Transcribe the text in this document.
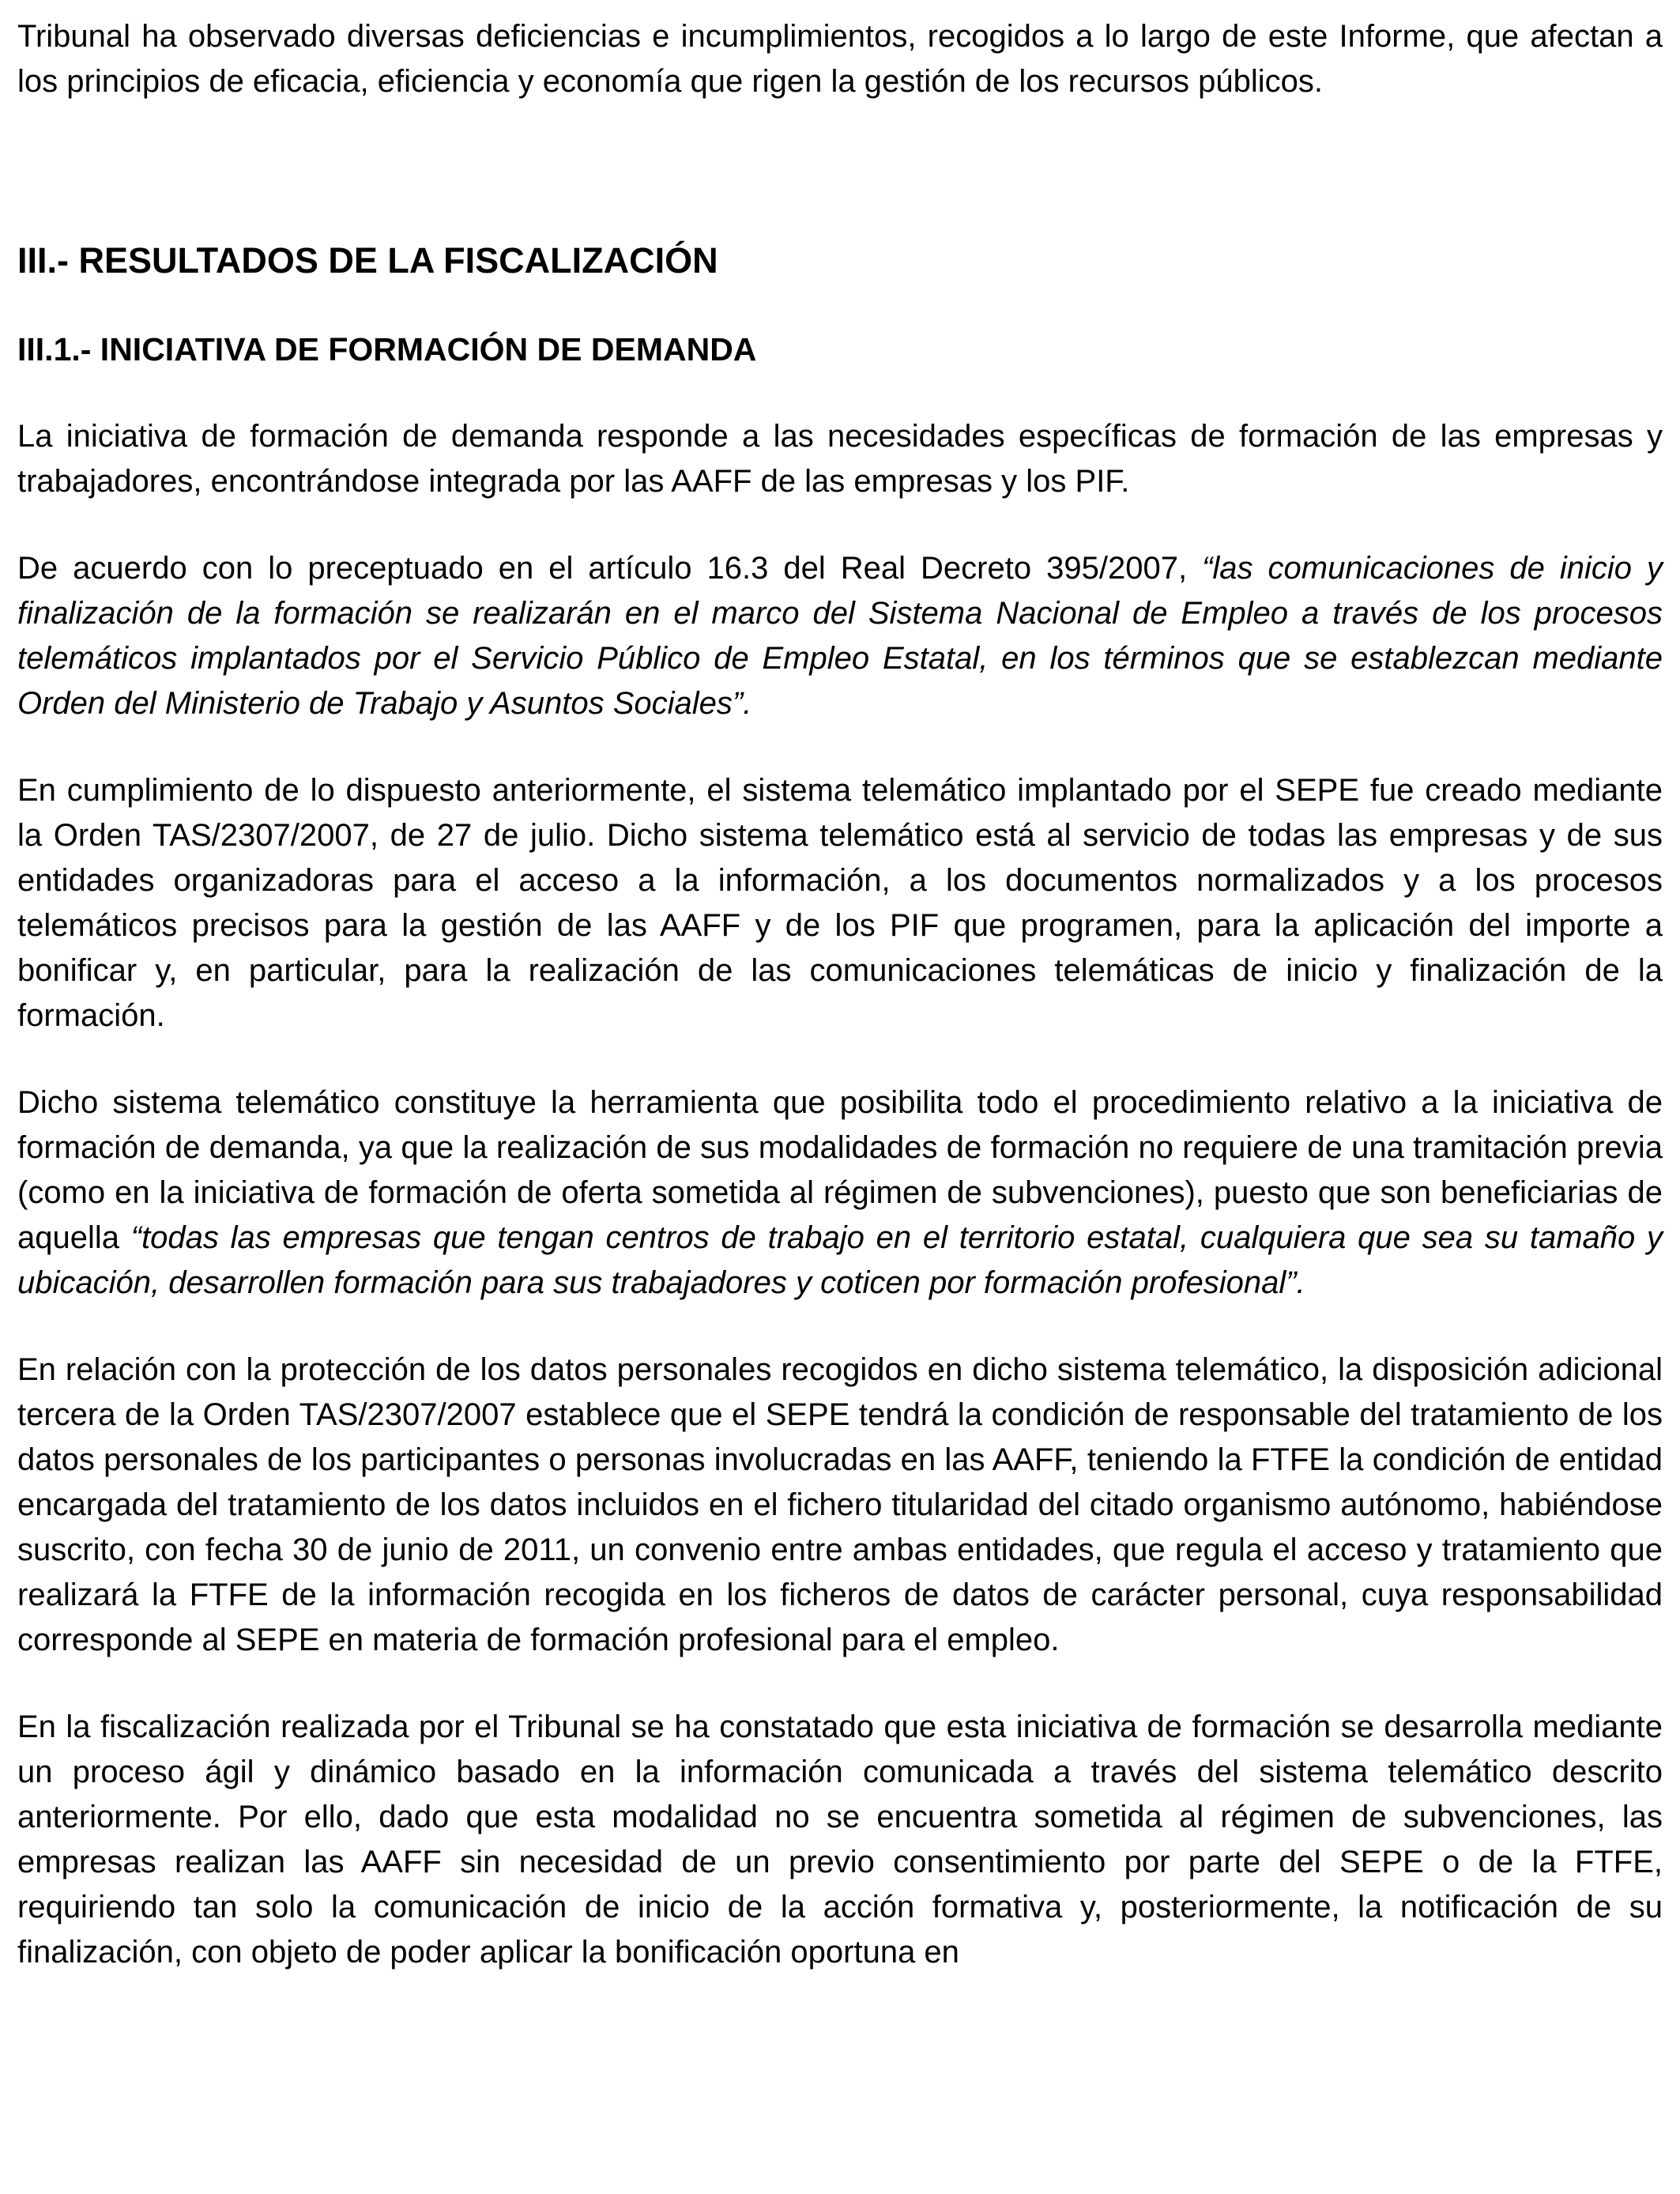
Tribunal ha observado diversas deficiencias e incumplimientos, recogidos a lo largo de este Informe, que afectan a los principios de eficacia, eficiencia y economía que rigen la gestión de los recursos públicos.

III.- RESULTADOS DE LA FISCALIZACIÓN
III.1.- INICIATIVA DE FORMACIÓN DE DEMANDA

La iniciativa de formación de demanda responde a las necesidades específicas de formación de las empresas y trabajadores, encontrándose integrada por las AAFF de las empresas y los PIF.

De acuerdo con lo preceptuado en el artículo 16.3 del Real Decreto 395/2007, “las comunicaciones de inicio y finalización de la formación se realizarán en el marco del Sistema Nacional de Empleo a través de los procesos telemáticos implantados por el Servicio Público de Empleo Estatal, en los términos que se establezcan mediante Orden del Ministerio de Trabajo y Asuntos Sociales”.

En cumplimiento de lo dispuesto anteriormente, el sistema telemático implantado por el SEPE fue creado mediante la Orden TAS/2307/2007, de 27 de julio. Dicho sistema telemático está al servicio de todas las empresas y de sus entidades organizadoras para el acceso a la información, a los documentos normalizados y a los procesos telemáticos precisos para la gestión de las AAFF y de los PIF que programen, para la aplicación del importe a bonificar y, en particular, para la realización de las comunicaciones telemáticas de inicio y finalización de la formación.

Dicho sistema telemático constituye la herramienta que posibilita todo el procedimiento relativo a la iniciativa de formación de demanda, ya que la realización de sus modalidades de formación no requiere de una tramitación previa (como en la iniciativa de formación de oferta sometida al régimen de subvenciones), puesto que son beneficiarias de aquella “todas las empresas que tengan centros de trabajo en el territorio estatal, cualquiera que sea su tamaño y ubicación, desarrollen formación para sus trabajadores y coticen por formación profesional”.

En relación con la protección de los datos personales recogidos en dicho sistema telemático, la disposición adicional tercera de la Orden TAS/2307/2007 establece que el SEPE tendrá la condición de responsable del tratamiento de los datos personales de los participantes o personas involucradas en las AAFF, teniendo la FTFE la condición de entidad encargada del tratamiento de los datos incluidos en el fichero titularidad del citado organismo autónomo, habiéndose suscrito, con fecha 30 de junio de 2011, un convenio entre ambas entidades, que regula el acceso y tratamiento que realizará la FTFE de la información recogida en los ficheros de datos de carácter personal, cuya responsabilidad corresponde al SEPE en materia de formación profesional para el empleo.

En la fiscalización realizada por el Tribunal se ha constatado que esta iniciativa de formación se desarrolla mediante un proceso ágil y dinámico basado en la información comunicada a través del sistema telemático descrito anteriormente. Por ello, dado que esta modalidad no se encuentra sometida al régimen de subvenciones, las empresas realizan las AAFF sin necesidad de un previo consentimiento por parte del SEPE o de la FTFE, requiriendo tan solo la comunicación de inicio de la acción formativa y, posteriormente, la notificación de su finalización, con objeto de poder aplicar la bonificación oportuna en
